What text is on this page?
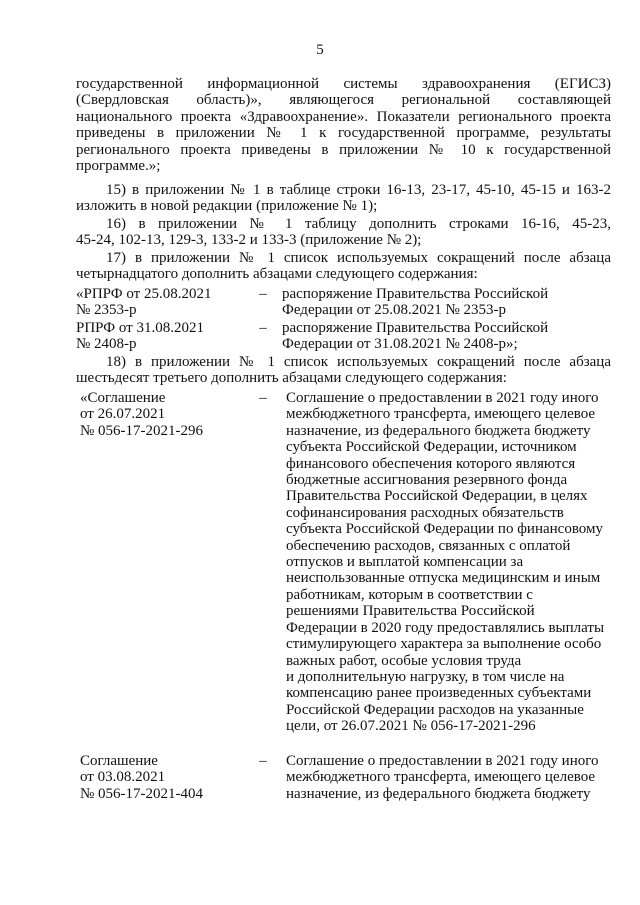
5
государственной информационной системы здравоохранения (ЕГИСЗ)
(Свердловская область)», являющегося региональной составляющей
национального проекта «Здравоохранение». Показатели регионального проекта
приведены в приложении № 1 к государственной программе, результаты
регионального проекта приведены в приложении № 10 к государственной
программе.»;
15) в приложении № 1 в таблице строки 16-13, 23-17, 45-10, 45-15 и 163-2
изложить в новой редакции (приложение № 1);
16) в приложении № 1 таблицу дополнить строками 16-16, 45-23,
45-24, 102-13, 129-3, 133-2 и 133-3 (приложение № 2);
17) в приложении № 1 список используемых сокращений после абзаца
четырнадцатого дополнить абзацами следующего содержания:
«РПРФ от 25.08.2021
№ 2353-р
– распоряжение Правительства Российской
Федерации от 25.08.2021 № 2353-р
РПРФ от 31.08.2021
№ 2408-р
– распоряжение Правительства Российской
Федерации от 31.08.2021 № 2408-р»;
18) в приложении № 1 список используемых сокращений после абзаца
шестьдесят третьего дополнить абзацами следующего содержания:
«Соглашение
от 26.07.2021
№ 056-17-2021-296
– Соглашение о предоставлении в 2021 году иного
межбюджетного трансферта, имеющего целевое
назначение, из федерального бюджета бюджету
субъекта Российской Федерации, источником
финансового обеспечения которого являются
бюджетные ассигнования резервного фонда
Правительства Российской Федерации, в целях
софинансирования расходных обязательств
субъекта Российской Федерации по финансовому
обеспечению расходов, связанных с оплатой
отпусков и выплатой компенсации за
неиспользованные отпуска медицинским и иным
работникам, которым в соответствии с
решениями Правительства Российской
Федерации в 2020 году предоставлялись выплаты
стимулирующего характера за выполнение особо
важных работ, особые условия труда
и дополнительную нагрузку, в том числе на
компенсацию ранее произведенных субъектами
Российской Федерации расходов на указанные
цели, от 26.07.2021 № 056-17-2021-296
Соглашение
от 03.08.2021
№ 056-17-2021-404
– Соглашение о предоставлении в 2021 году иного
межбюджетного трансферта, имеющего целевое
назначение, из федерального бюджета бюджету
